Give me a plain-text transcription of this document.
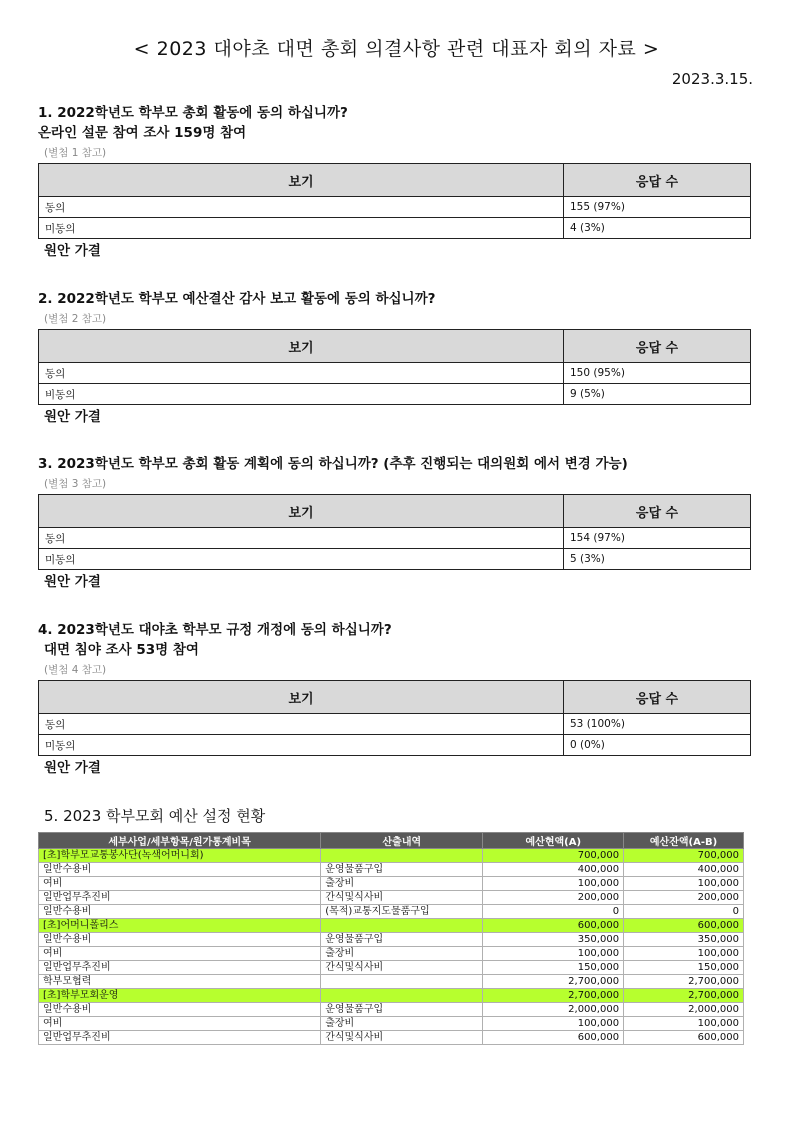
< 2023 대야초 대면 총회 의결사항 관련 대표자 회의 자료 >
2023.3.15.

1. 2022학년도 학부모 총회 활동에 동의 하십니까?

온라인 설문 참여 조사 159명 참여

(별첨 1 참고)
보기	응답 수
동의	155 (97%)
미동의	4 (3%)
원안 가결

2. 2022학년도 학부모 예산결산 감사 보고 활동에 동의 하십니까?

(별첨 2 참고)
보기	응답 수
동의	150 (95%)
비동의	9 (5%)
원안 가결

3. 2023학년도 학부모 총회 활동 계획에 동의 하십니까? (추후 진행되는 대의원회 에서 변경 가능)

(별첨 3 참고)
보기	응답 수
동의	154 (97%)
미동의	5 (3%)
원안 가결

4. 2023학년도 대야초 학부모 규정 개정에 동의 하십니까?

대면 침야 조사 53명 참여

(별첨 4 참고)
보기	응답 수
동의	53 (100%)
미동의	0 (0%)
원안 가결

5. 2023 학부모회 예산 설정 현황

세부사업/세부항목/원가통계비목	산출내역	예산현액(A)	예산잔액(A-B)
[초]학부모교통봉사단(녹색어머니회)		700,000	700,000
일반수용비	운영물품구입	400,000	400,000
여비	출장비	100,000	100,000
일반업무추진비	간식및식사비	200,000	200,000
일반수용비	(목적)교통지도물품구입	0	0
[초]어머니폴리스		600,000	600,000
일반수용비	운영물품구입	350,000	350,000
여비	출장비	100,000	100,000
일반업무추진비	간식및식사비	150,000	150,000
학부모협력		2,700,000	2,700,000
[초]학부모회운영		2,700,000	2,700,000
일반수용비	운영물품구입	2,000,000	2,000,000
여비	출장비	100,000	100,000
일반업무추진비	간식및식사비	600,000	600,000
